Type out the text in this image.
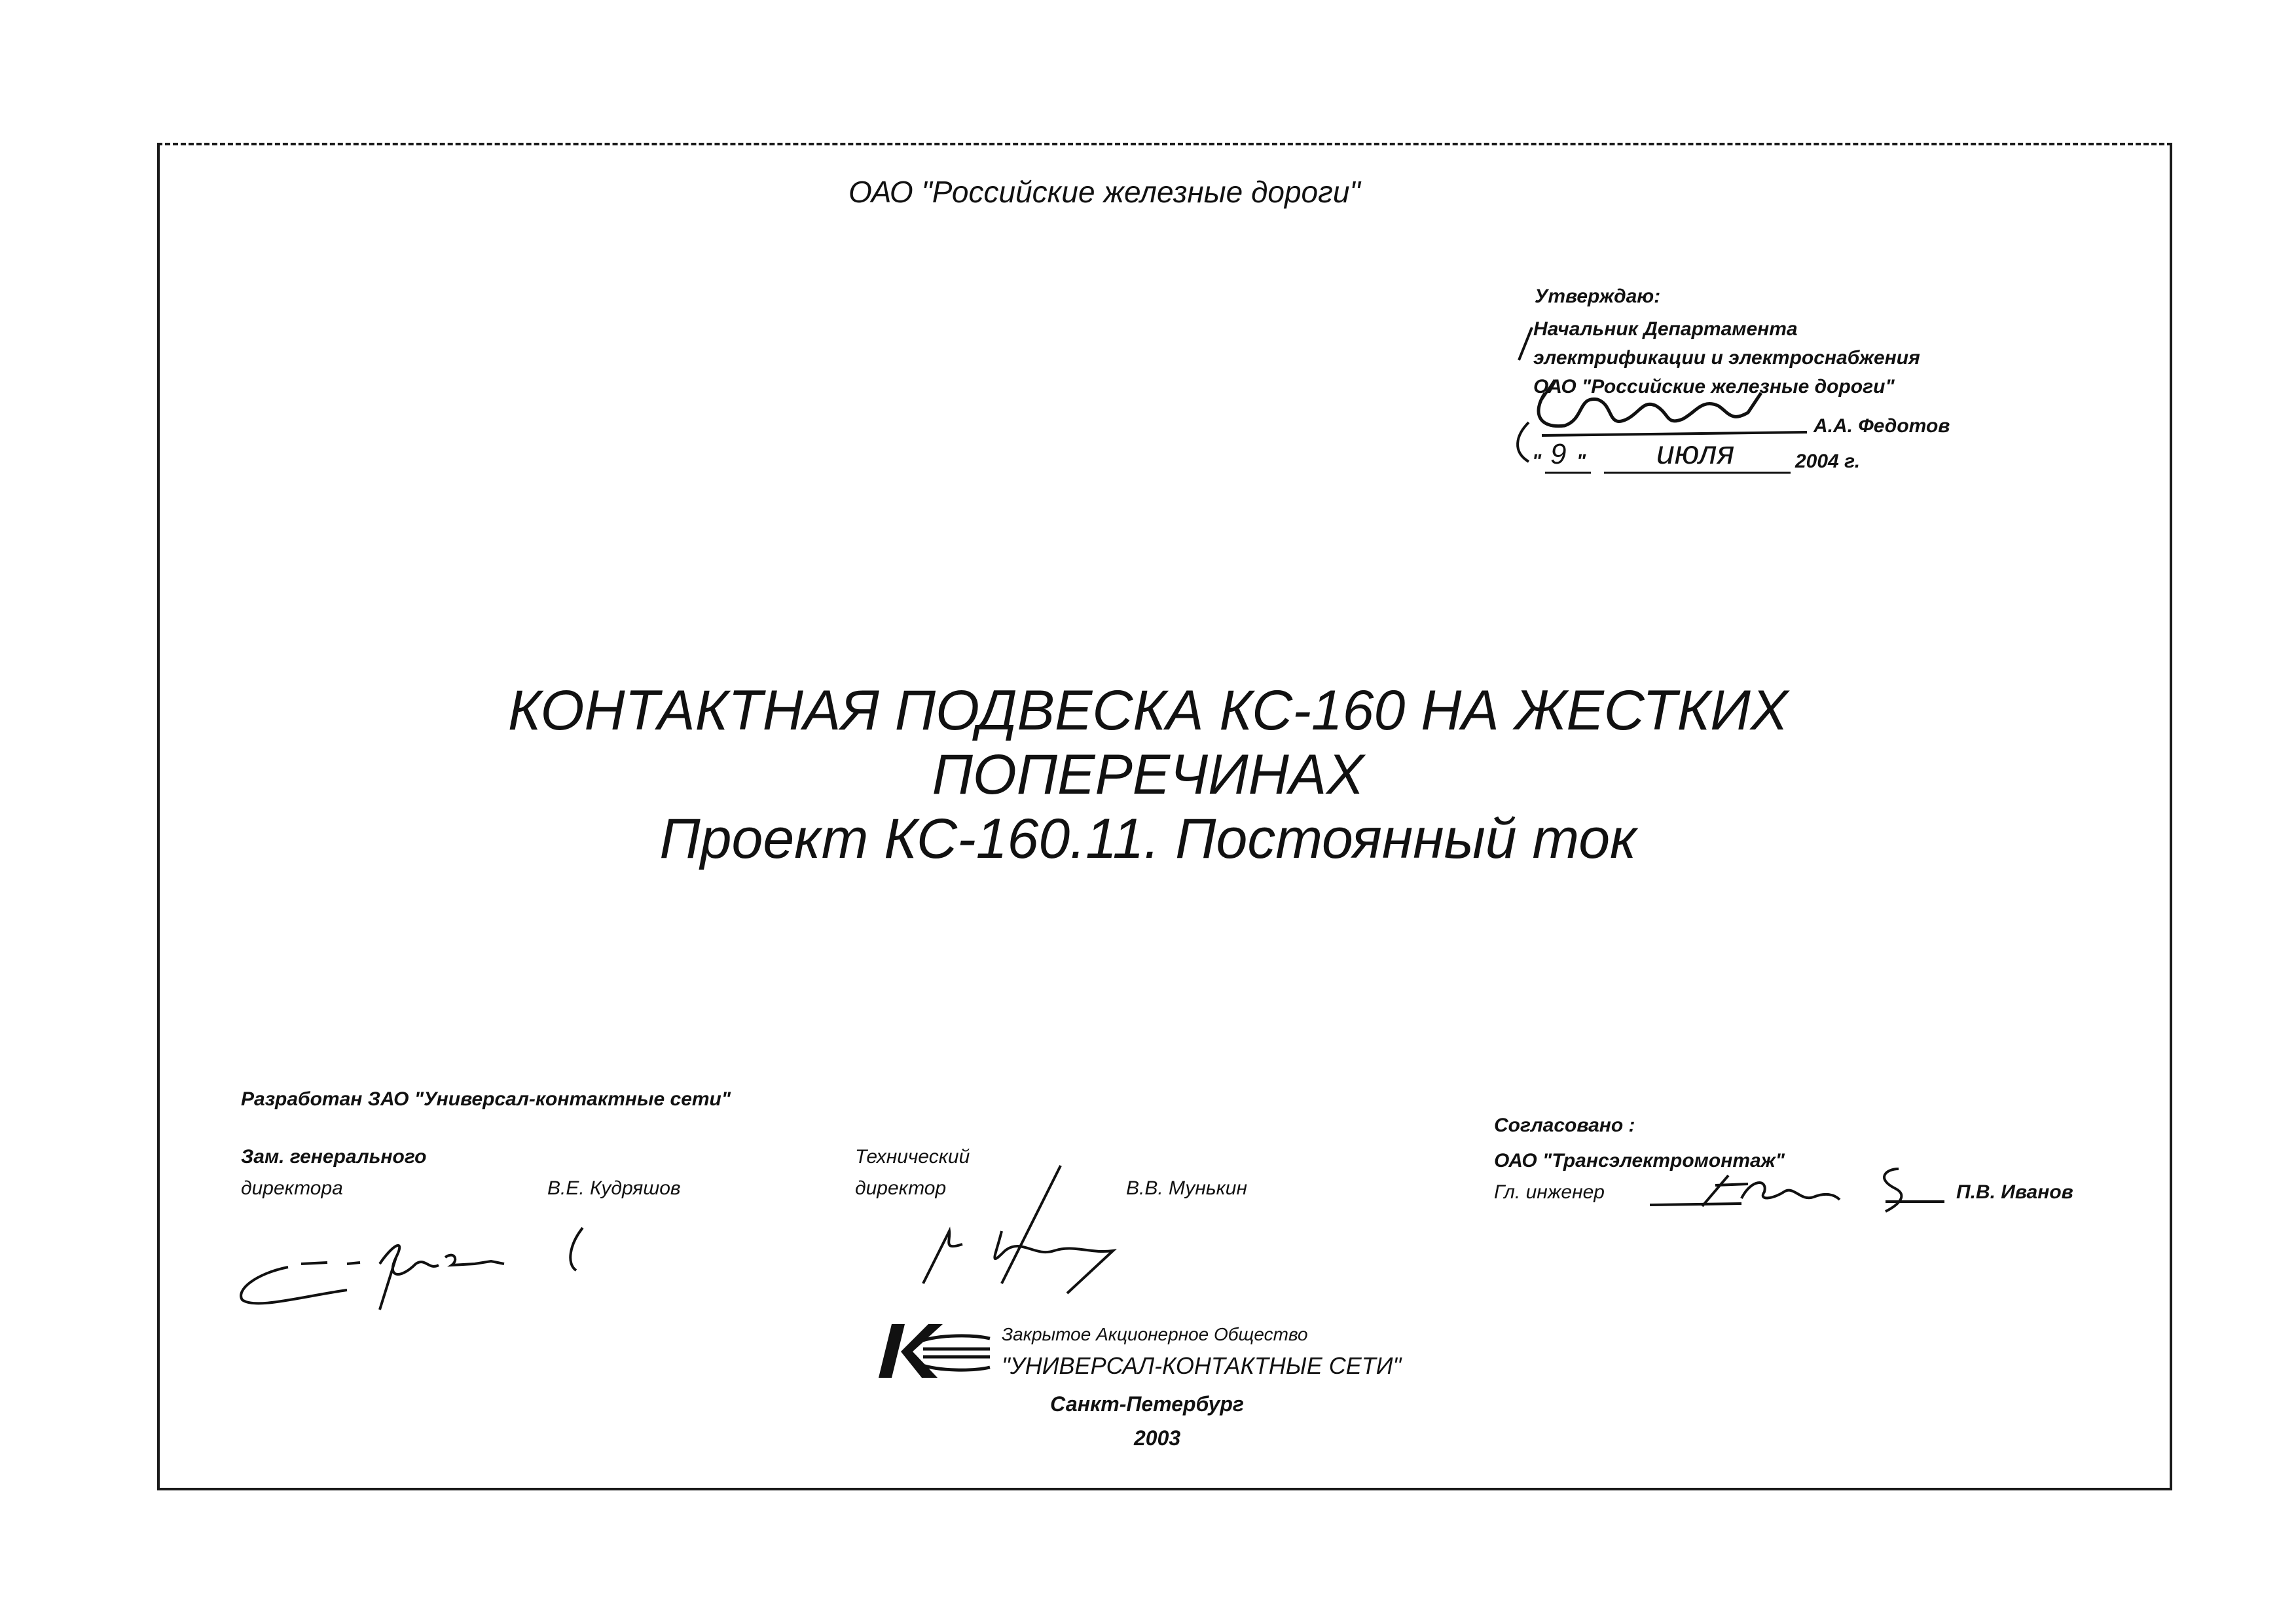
ОАО "Российские железные дороги"
Утверждаю:
Начальник Департамента
электрификации и электроснабжения
ОАО "Российские железные дороги"
А.А. Федотов
" 9 " июля	2004 г.
КОНТАКТНАЯ ПОДВЕСКА КС-160 НА ЖЕСТКИХ
ПОПЕРЕЧИНАХ
Проект КС-160.11. Постоянный ток
Разработан ЗАО "Универсал-контактные сети"
Зам. генерального
директора	В.Е. Кудряшов
Технический
директор	В.В. Мунькин
Согласовано :
ОАО "Трансэлектромонтаж"
Гл. инженер	П.В. Иванов
Закрытое Акционерное Общество
"УНИВЕРСАЛ-КОНТАКТНЫЕ СЕТИ"
Санкт-Петербург
2003
